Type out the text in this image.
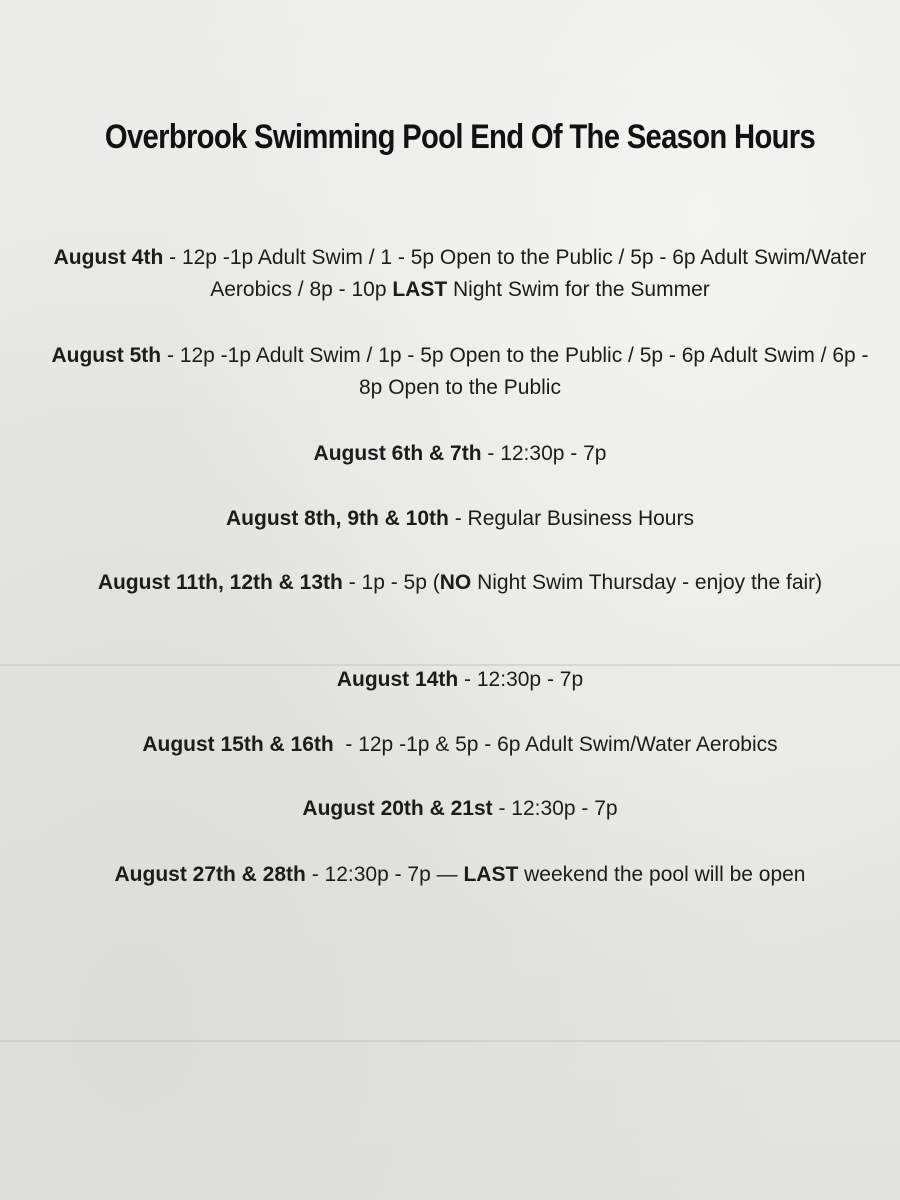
Overbrook Swimming Pool End Of The Season Hours
August 4th - 12p -1p Adult Swim / 1 - 5p Open to the Public / 5p - 6p Adult Swim/Water Aerobics / 8p - 10p LAST Night Swim for the Summer
August 5th - 12p -1p Adult Swim / 1p - 5p Open to the Public / 5p - 6p Adult Swim / 6p - 8p Open to the Public
August 6th & 7th - 12:30p - 7p
August 8th, 9th & 10th - Regular Business Hours
August 11th, 12th & 13th - 1p - 5p (NO Night Swim Thursday - enjoy the fair)
August 14th - 12:30p - 7p
August 15th & 16th  - 12p -1p & 5p - 6p Adult Swim/Water Aerobics
August 20th & 21st - 12:30p - 7p
August 27th & 28th - 12:30p - 7p — LAST weekend the pool will be open
